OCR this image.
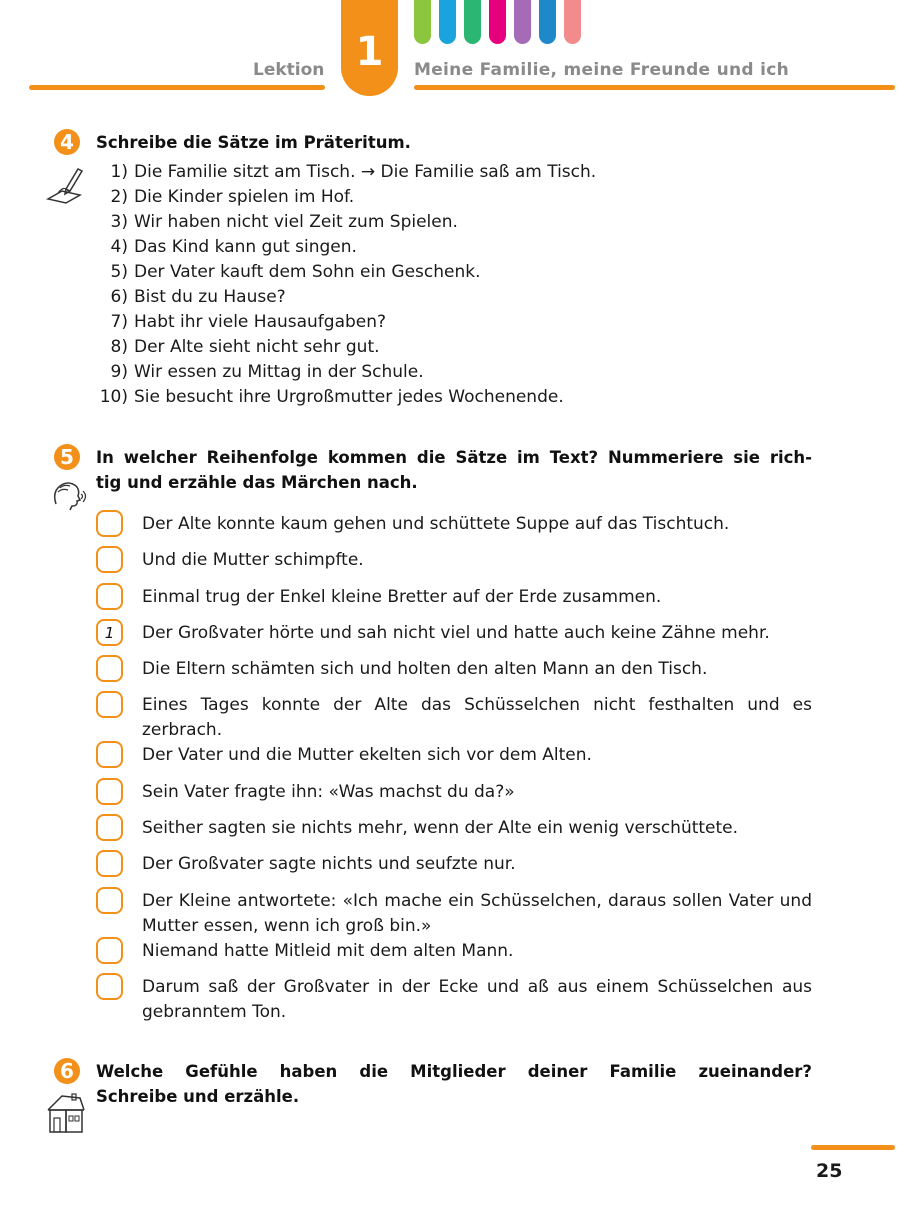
Lektion 1	Meine Familie, meine Freunde und ich
4	Schreibe die Sätze im Präteritum.
1) Die Familie sitzt am Tisch. → Die Familie saß am Tisch.
2) Die Kinder spielen im Hof.
3) Wir haben nicht viel Zeit zum Spielen.
4) Das Kind kann gut singen.
5) Der Vater kauft dem Sohn ein Geschenk.
6) Bist du zu Hause?
7) Habt ihr viele Hausaufgaben?
8) Der Alte sieht nicht sehr gut.
9) Wir essen zu Mittag in der Schule.
10) Sie besucht ihre Urgroßmutter jedes Wochenende.
5	In welcher Reihenfolge kommen die Sätze im Text? Nummeriere sie rich-
tig und erzähle das Märchen nach.
Der Alte konnte kaum gehen und schüttete Suppe auf das Tischtuch.
Und die Mutter schimpfte.
Einmal trug der Enkel kleine Bretter auf der Erde zusammen.
1	Der Großvater hörte und sah nicht viel und hatte auch keine Zähne mehr.
Die Eltern schämten sich und holten den alten Mann an den Tisch.
Eines Tages konnte der Alte das Schüsselchen nicht festhalten und es zerbrach.
Der Vater und die Mutter ekelten sich vor dem Alten.
Sein Vater fragte ihn: «Was machst du da?»
Seither sagten sie nichts mehr, wenn der Alte ein wenig verschüttete.
Der Großvater sagte nichts und seufzte nur.
Der Kleine antwortete: «Ich mache ein Schüsselchen, daraus sollen Vater und Mutter essen, wenn ich groß bin.»
Niemand hatte Mitleid mit dem alten Mann.
Darum saß der Großvater in der Ecke und aß aus einem Schüsselchen aus gebranntem Ton.
6	Welche Gefühle haben die Mitglieder deiner Familie zueinander?
Schreibe und erzähle.
25
